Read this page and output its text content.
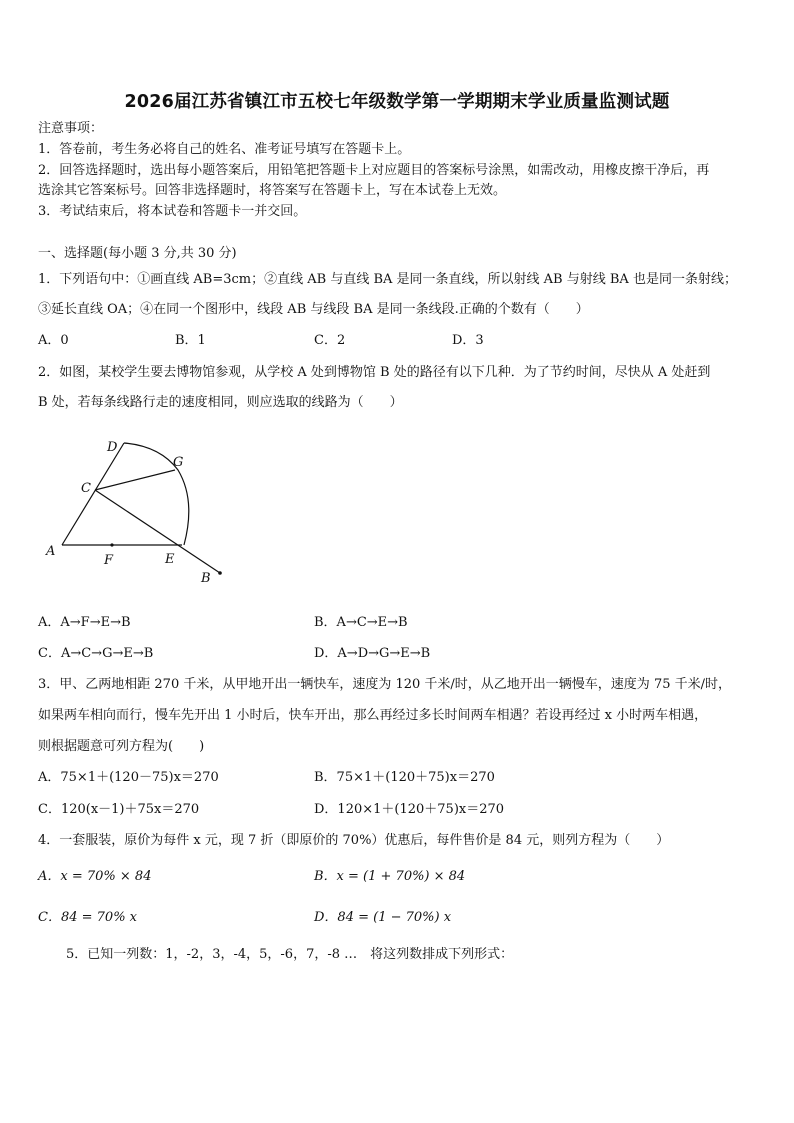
2026届江苏省镇江市五校七年级数学第一学期期末学业质量监测试题
注意事项：
1．答卷前，考生务必将自己的姓名、准考证号填写在答题卡上。
2．回答选择题时，选出每小题答案后，用铅笔把答题卡上对应题目的答案标号涂黑，如需改动，用橡皮擦干净后，再
选涂其它答案标号。回答非选择题时，将答案写在答题卡上，写在本试卷上无效。
3．考试结束后，将本试卷和答题卡一并交回。
一、选择题(每小题 3 分,共 30 分)
1．下列语句中：①画直线 AB=3cm；②直线 AB 与直线 BA 是同一条直线，所以射线 AB 与射线 BA 也是同一条射线；
③延长直线 OA；④在同一个图形中，线段 AB 与线段 BA 是同一条线段.正确的个数有（　　）
A．0	B．1	C．2	D．3
2．如图，某校学生要去博物馆参观，从学校 A 处到博物馆 B 处的路径有以下几种．为了节约时间，尽快从 A 处赶到
B 处，若每条线路行走的速度相同，则应选取的线路为（　　）
A
F	E
B
C
D
G
A．A→F→E→B	B．A→C→E→B
C．A→C→G→E→B	D．A→D→G→E→B
3．甲、乙两地相距 270 千米，从甲地开出一辆快车，速度为 120 千米/时，从乙地开出一辆慢车，速度为 75 千米/时，
如果两车相向而行，慢车先开出 1 小时后，快车开出，那么再经过多长时间两车相遇？若设再经过 x 小时两车相遇，
则根据题意可列方程为(　　)
A．75×1＋(120－75)x＝270	B．75×1＋(120＋75)x＝270
C．120(x－1)＋75x＝270	D．120×1＋(120＋75)x＝270
4．一套服装，原价为每件 x 元，现 7 折（即原价的 70%）优惠后，每件售价是 84 元，则列方程为（　　）
A．x = 70% × 84	B．x = (1 + 70%) × 84
C．84 = 70% x	D．84 = (1 − 70%) x
5．已知一列数：1，-2，3，-4，5，-6，7，-8 …　将这列数排成下列形式：
